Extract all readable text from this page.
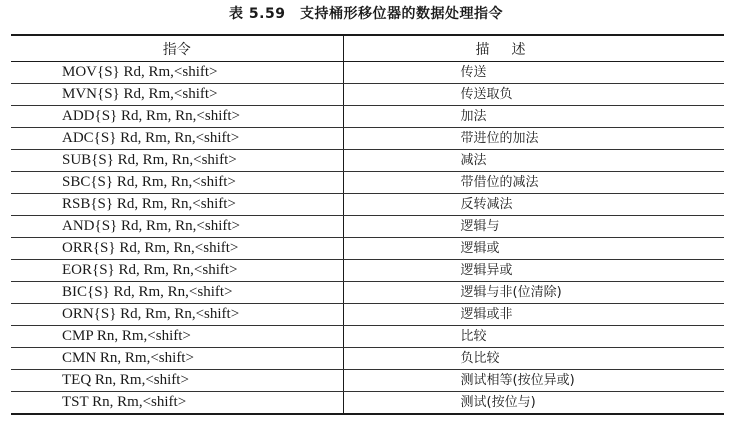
表 5.59　支持桶形移位器的数据处理指令
指令	描述
MOV{S} Rd, Rm,<shift>	传送
MVN{S} Rd, Rm,<shift>	传送取负
ADD{S} Rd, Rm, Rn,<shift>	加法
ADC{S} Rd, Rm, Rn,<shift>	带进位的加法
SUB{S} Rd, Rm, Rn,<shift>	减法
SBC{S} Rd, Rm, Rn,<shift>	带借位的减法
RSB{S} Rd, Rm, Rn,<shift>	反转减法
AND{S} Rd, Rm, Rn,<shift>	逻辑与
ORR{S} Rd, Rm, Rn,<shift>	逻辑或
EOR{S} Rd, Rm, Rn,<shift>	逻辑异或
BIC{S} Rd, Rm, Rn,<shift>	逻辑与非(位清除)
ORN{S} Rd, Rm, Rn,<shift>	逻辑或非
CMP Rn, Rm,<shift>	比较
CMN Rn, Rm,<shift>	负比较
TEQ Rn, Rm,<shift>	测试相等(按位异或)
TST Rn, Rm,<shift>	测试(按位与)
